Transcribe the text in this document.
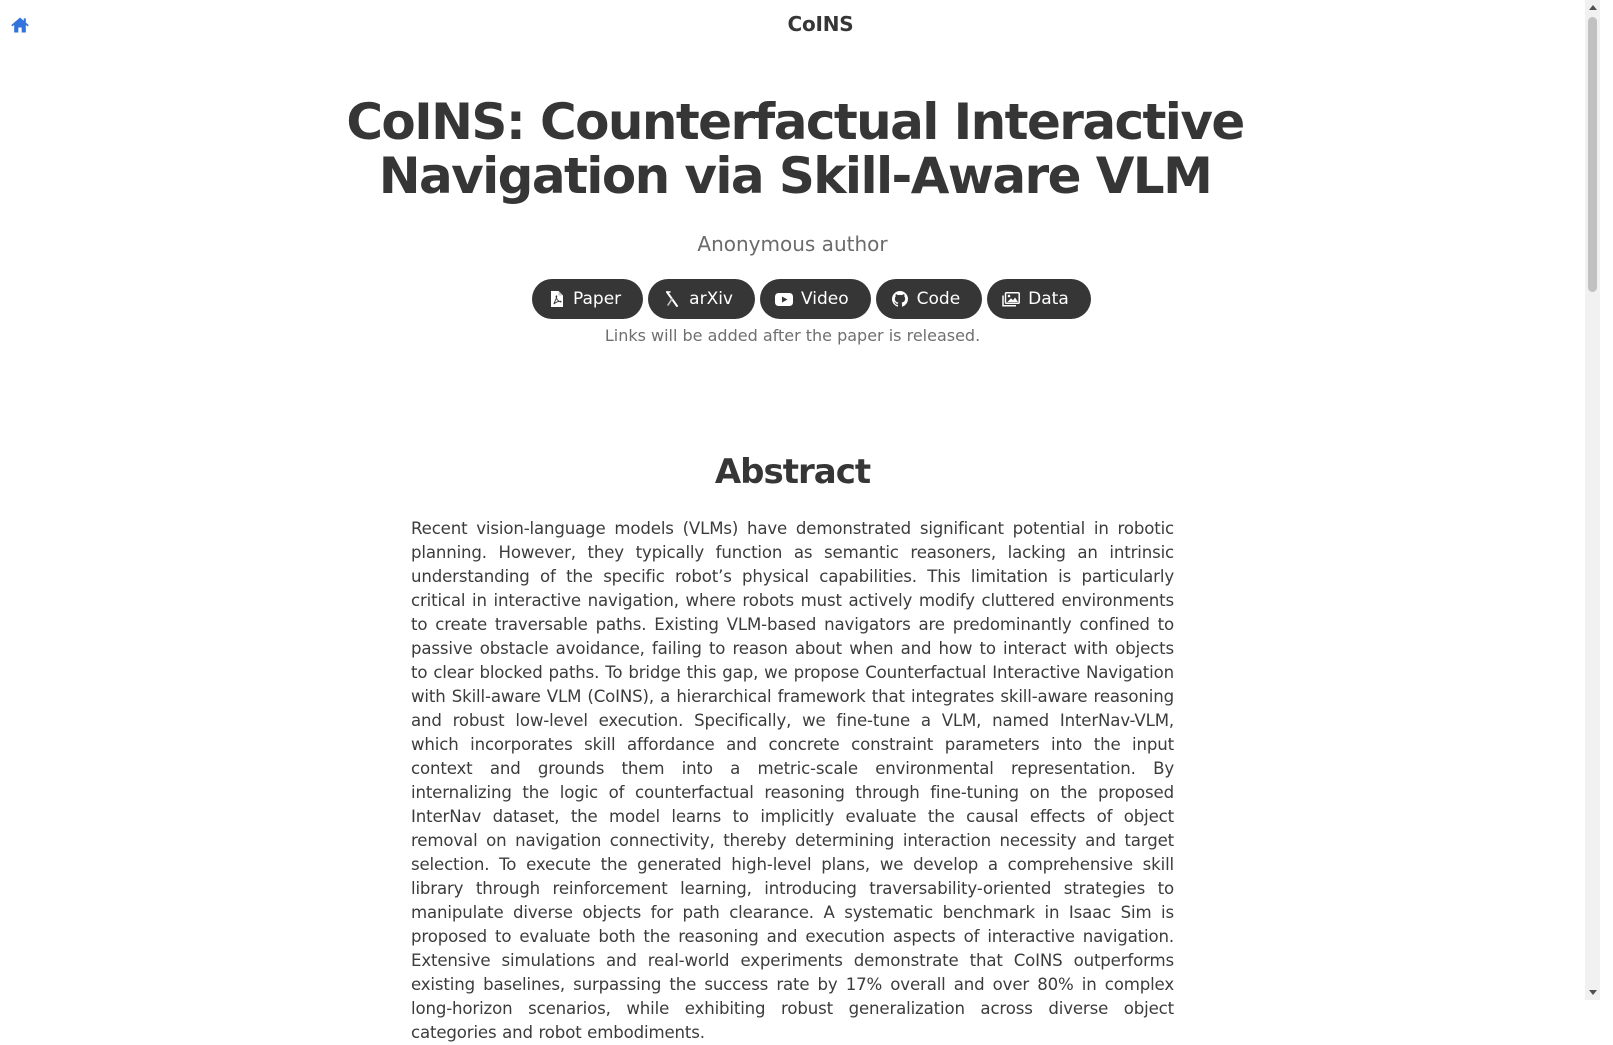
CoINS
CoINS: Counterfactual Interactive Navigation via Skill-Aware VLM
Anonymous author
Paper	arXiv	Video	Code	Data
Links will be added after the paper is released.
Abstract

Recent vision-language models (VLMs) have demonstrated significant potential in robotic planning. However, they typically function as semantic reasoners, lacking an intrinsic understanding of the specific robot’s physical capabilities. This limitation is particularly critical in interactive navigation, where robots must actively modify cluttered environments to create traversable paths. Existing VLM-based navigators are predominantly confined to passive obstacle avoidance, failing to reason about when and how to interact with objects to clear blocked paths. To bridge this gap, we propose Counterfactual Interactive Navigation with Skill-aware VLM (CoINS), a hierarchical framework that integrates skill-aware reasoning and robust low-level execution. Specifically, we fine-tune a VLM, named InterNav-VLM, which incorporates skill affordance and concrete constraint parameters into the input context and grounds them into a metric-scale environmental representation. By internalizing the logic of counterfactual reasoning through fine-tuning on the proposed InterNav dataset, the model learns to implicitly evaluate the causal effects of object removal on navigation connectivity, thereby determining interaction necessity and target selection. To execute the generated high-level plans, we develop a comprehensive skill library through reinforcement learning, introducing traversability-oriented strategies to manipulate diverse objects for path clearance. A systematic benchmark in Isaac Sim is proposed to evaluate both the reasoning and execution aspects of interactive navigation. Extensive simulations and real-world experiments demonstrate that CoINS outperforms existing baselines, surpassing the success rate by 17% overall and over 80% in complex long-horizon scenarios, while exhibiting robust generalization across diverse object categories and robot embodiments.
